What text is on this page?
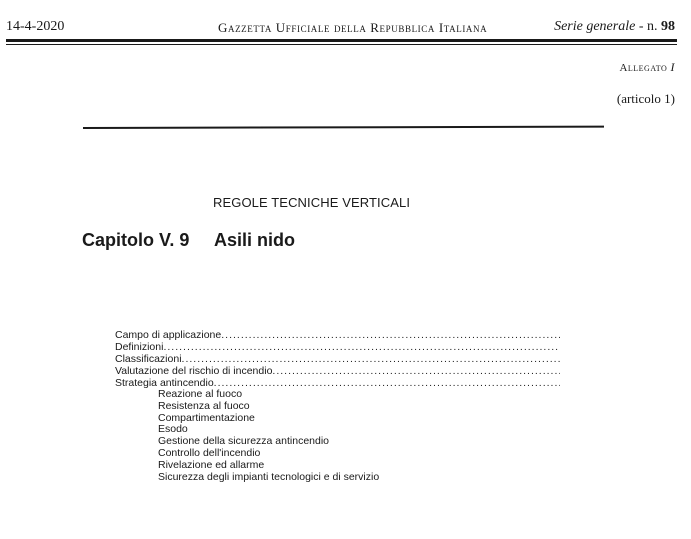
14-4-2020	Gazzetta Ufficiale della Repubblica Italiana	Serie generale - n. 98
Allegato I
(articolo 1)
REGOLE TECNICHE VERTICALI
Capitolo V. 9	Asili nido
Campo di applicazione
.....
Definizioni
.....
Classificazioni
.....
Valutazione del rischio di incendio
.....
Strategia antincendio
.....
Reazione al fuoco
Resistenza al fuoco
Compartimentazione
Esodo
Gestione della sicurezza antincendio
Controllo dell'incendio
Rivelazione ed allarme
Sicurezza degli impianti tecnologici e di servizio
